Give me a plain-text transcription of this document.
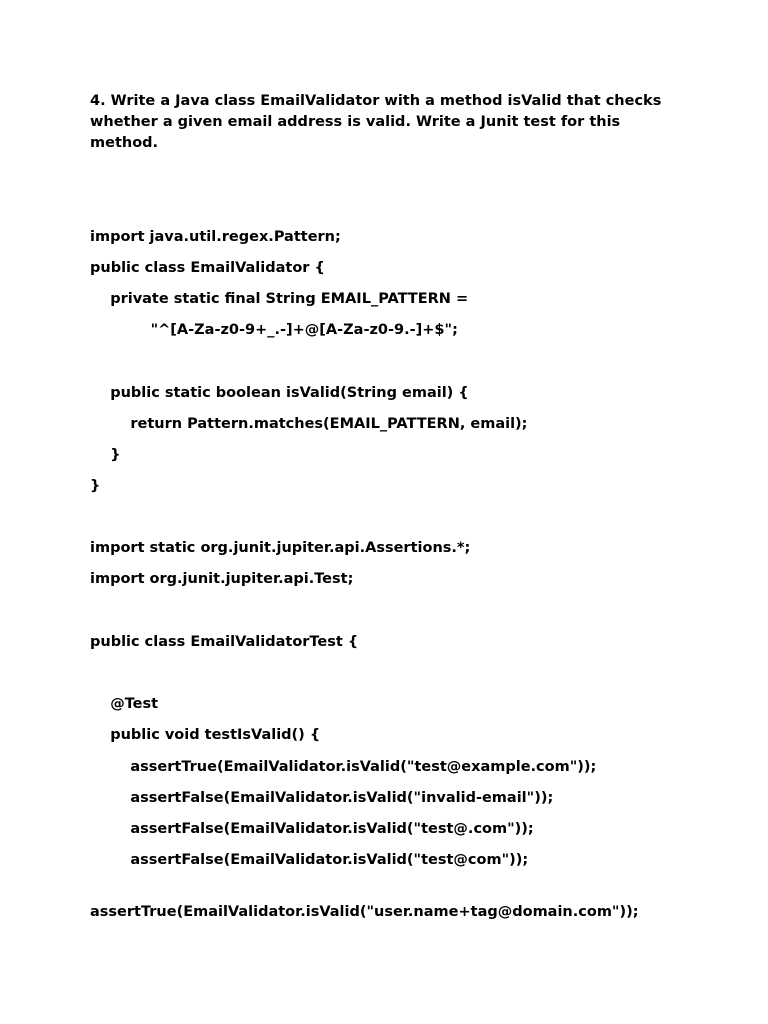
4. Write a Java class EmailValidator with a method isValid that checks whether a given email address is valid. Write a Junit test for this method.

import java.util.regex.Pattern;

public class EmailValidator {

private static final String EMAIL_PATTERN =

"^[A-Za-z0-9+_.-]+@[A-Za-z0-9.-]+$";

public static boolean isValid(String email) {

return Pattern.matches(EMAIL_PATTERN, email);

}

}

import static org.junit.jupiter.api.Assertions.*;

import org.junit.jupiter.api.Test;

public class EmailValidatorTest {

@Test

public void testIsValid() {

assertTrue(EmailValidator.isValid("test@example.com"));

assertFalse(EmailValidator.isValid("invalid-email"));

assertFalse(EmailValidator.isValid("test@.com"));

assertFalse(EmailValidator.isValid("test@com"));

assertTrue(EmailValidator.isValid("user.name+tag@domain.com"));
